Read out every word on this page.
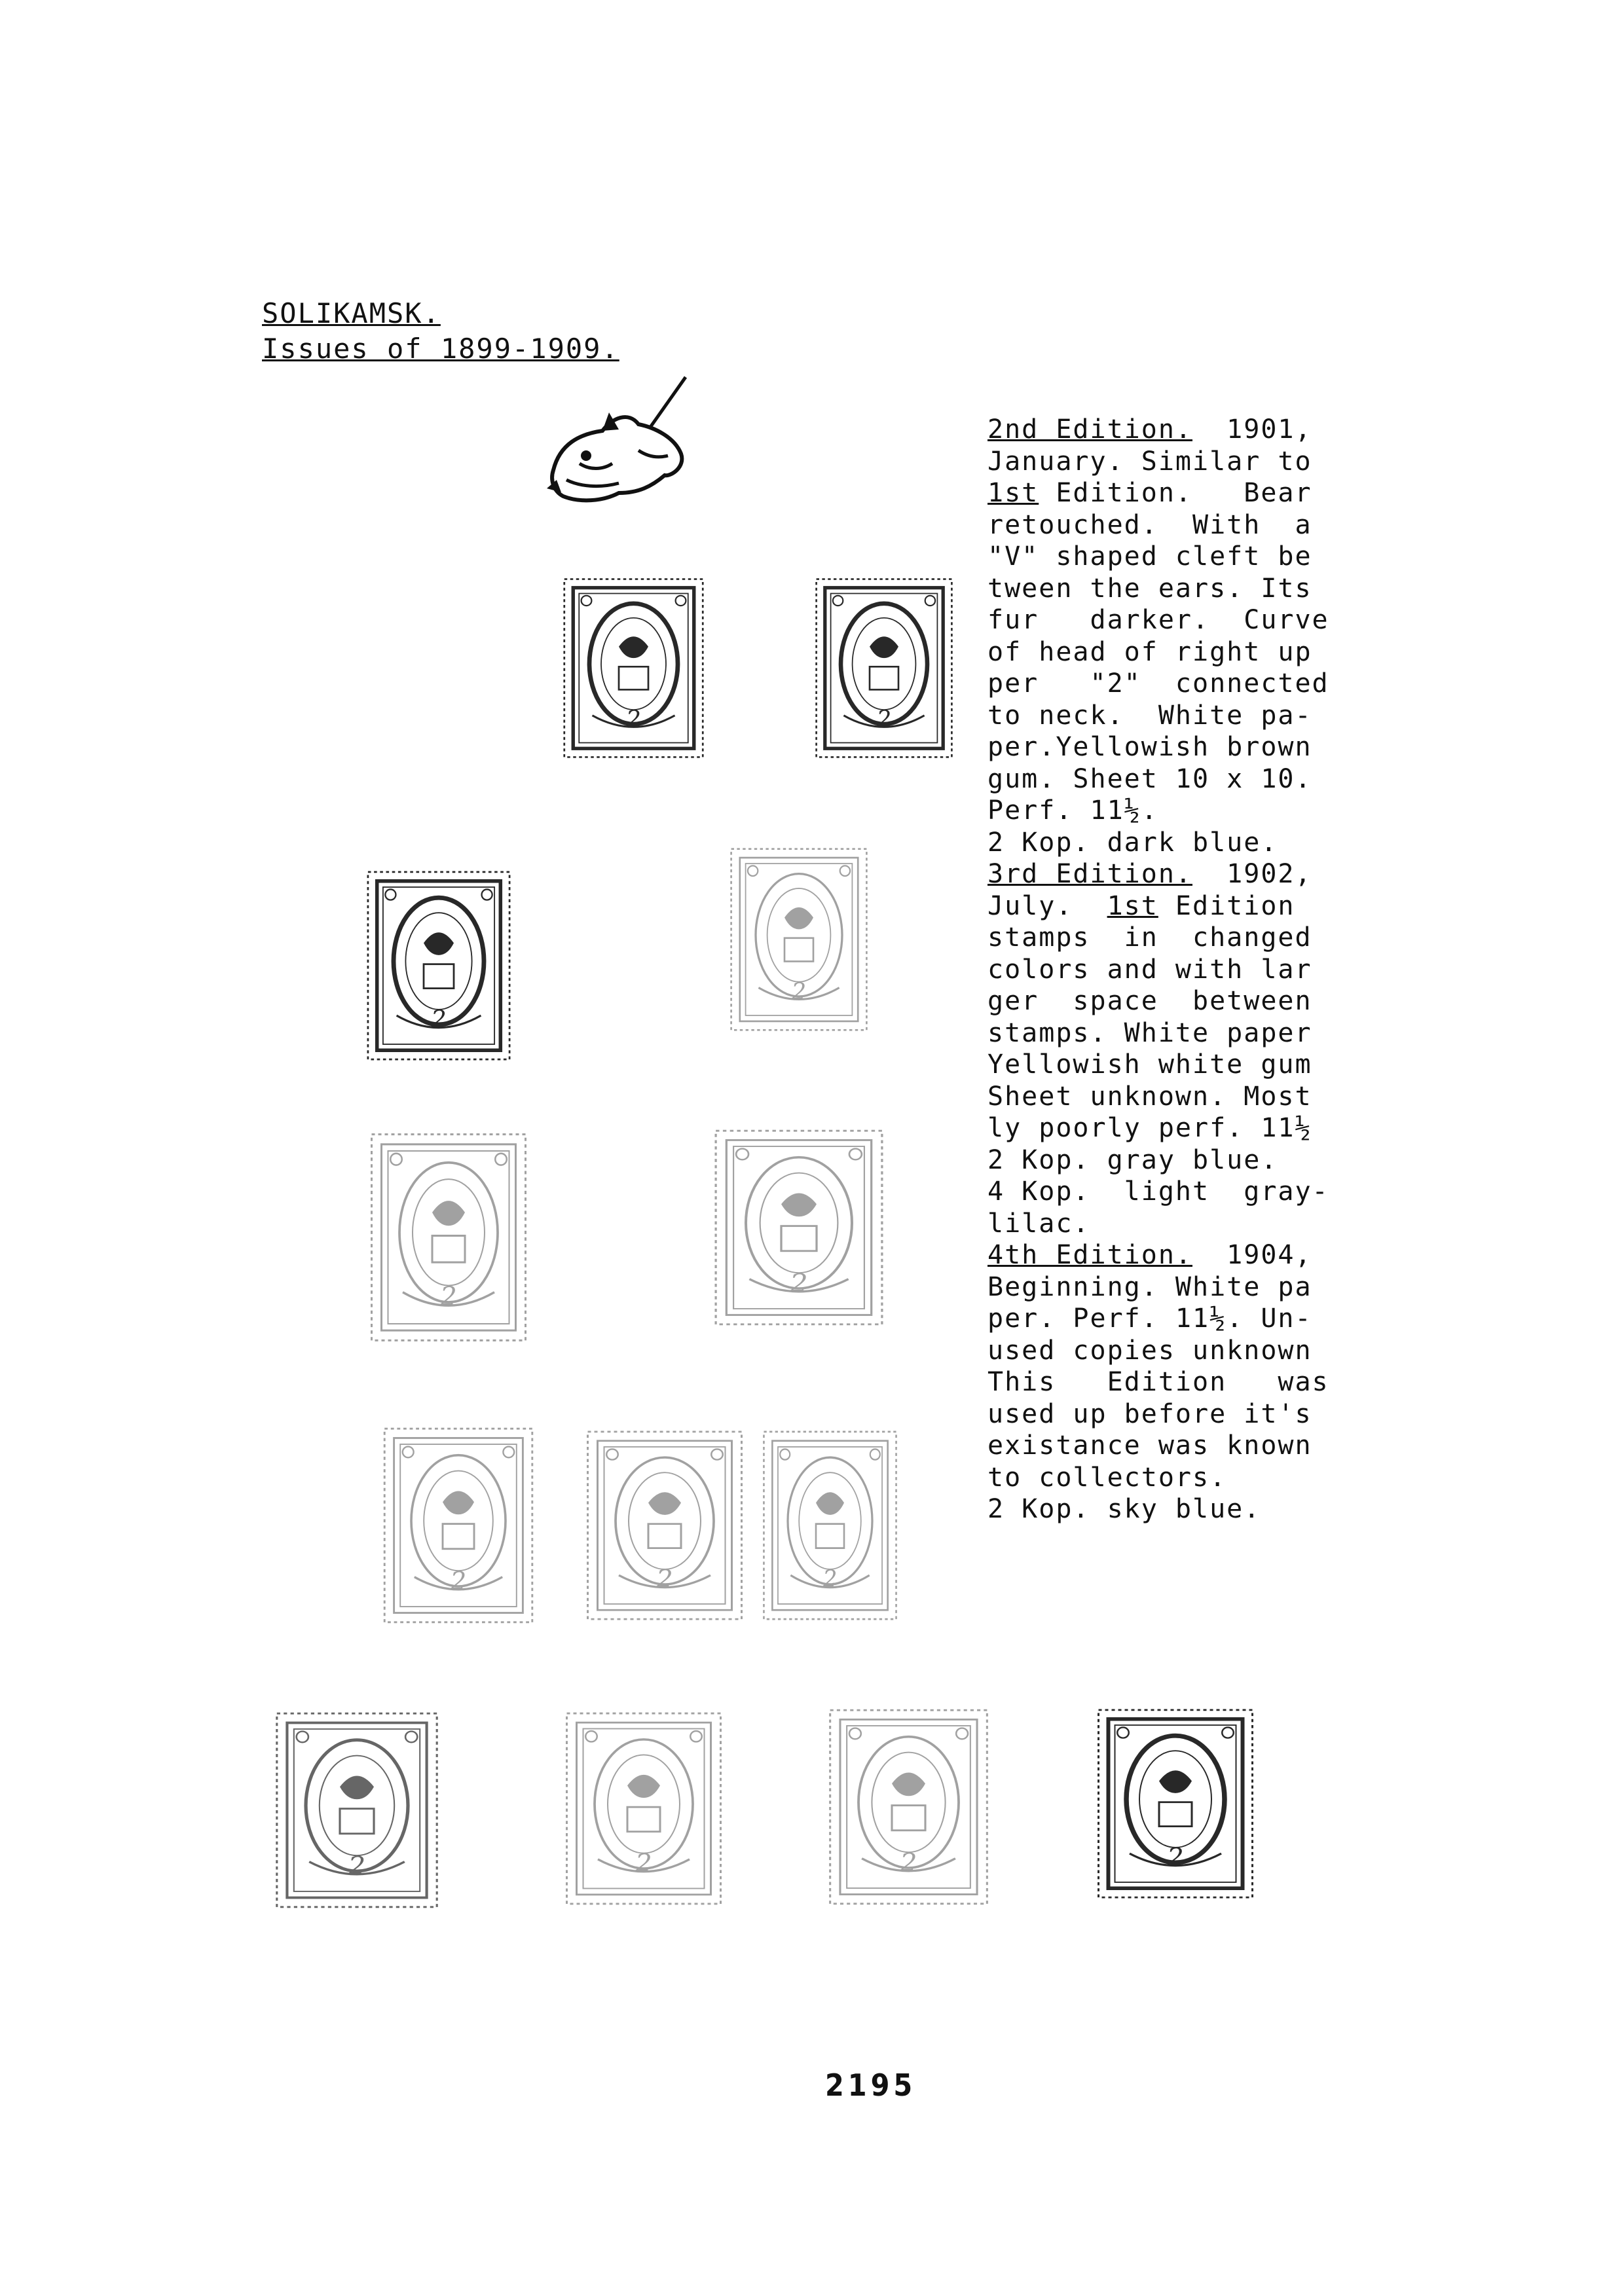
SOLIKAMSK.
Issues of 1899-1909.
2nd Edition.  1901,
January. Similar to
1st Edition.   Bear
retouched.  With  a
"V" shaped cleft be
tween the ears. Its
fur   darker.  Curve
of head of right up
per   "2"  connected
to neck.  White pa-
per.Yellowish brown
gum. Sheet 10 x 10.
Perf. 11½.
2 Kop. dark blue.
3rd Edition.  1902,
July.  1st Edition
stamps  in  changed
colors and with lar
ger  space  between
stamps. White paper
Yellowish white gum
Sheet unknown. Most
ly poorly perf. 11½
2 Kop. gray blue.
4 Kop.  light  gray-
lilac.
4th Edition.  1904,
Beginning. White pa
per. Perf. 11½. Un-
used copies unknown
This   Edition   was
used up before it's
existance was known
to collectors.
2 Kop. sky blue.
2	2
2
2
2	2
2	2	2
2	2	2	2
2195
